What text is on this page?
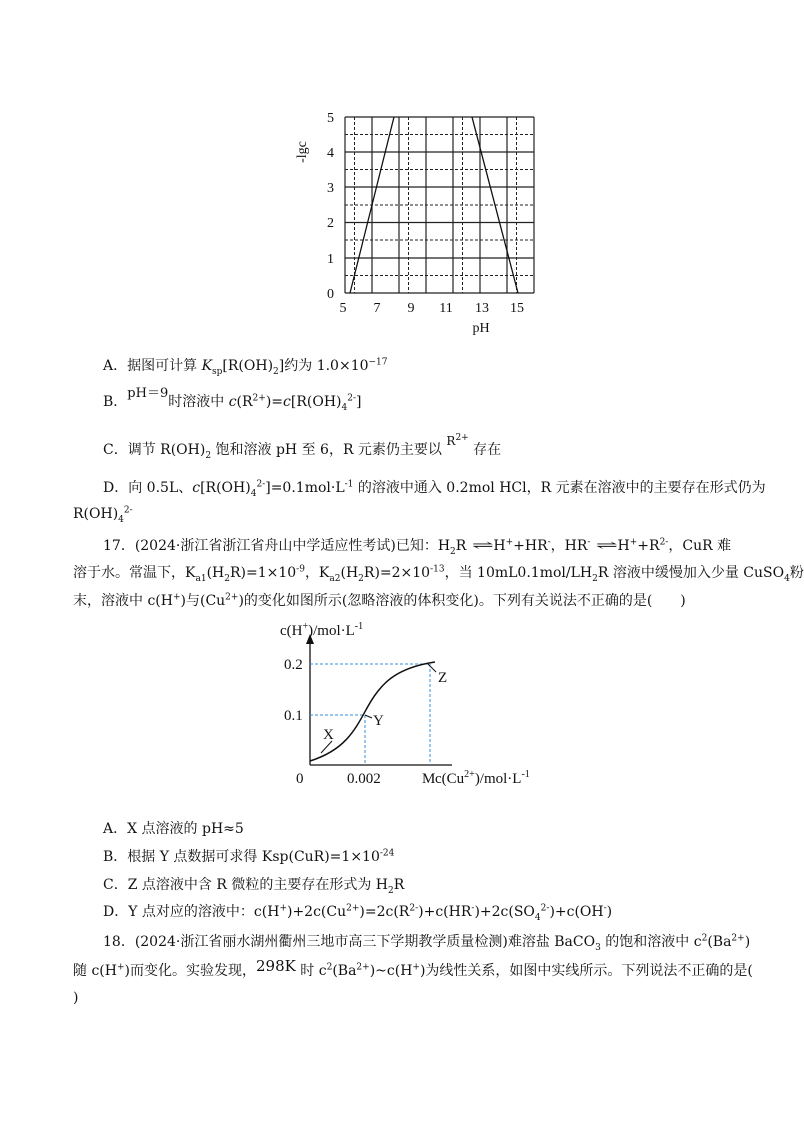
5
4
3
2
1
0
5 7 9 11 13 15
-lgc
pH
A．据图可计算 $K_{sp}[R(OH)_2]$约为 $1.0\times 10^{-17}$
B．pH＝9时溶液中 $c(R^{2+})=c[R(OH)_4^{2-}]$
C．调节 $R(OH)_2$ 饱和溶液 pH 至 6，R 元素仍主要以 $R^{2+}$ 存在
D．向 0.5L、$c[R(OH)_4^{2-}]=0.1mol\cdot L^{-1}$ 的溶液中通入 0.2mol HCl，R 元素在溶液中的主要存在形式仍为
$R(OH)_4^{2-}$
17．(2024·浙江省浙江省舟山中学适应性考试)已知：$H_2R$ ⇌ H++HR-，HR- ⇌ $H^++R^{2-}$，CuR 难
溶于水。常温下，$K_{a1}(H_2R)=1\times 10^{-9}$，$K_{a2}(H_2R)=2\times 10^{-13}$，当 $10mL0.1mol/LH_2R$ 溶液中缓慢加入少量 CuSO$_4$粉
末，溶液中 c(H+)与$(Cu^{2+})$的变化如图所示(忽略溶液的体积变化)。下列有关说法不正确的是(　　)
$c(H^+)/mol\cdot L^{-1}$
0.2
0.1
0	0.002	M $c(Cu^{2+})/mol\cdot L^{-1}$
X
Y
Z
A．X 点溶液的 pH≈5
B．根据 Y 点数据可求得 $Ksp(CuR)=1\times 10^{-24}$
C．Z 点溶液中含 R 微粒的主要存在形式为 $H_2R$
D．Y 点对应的溶液中：$c(H^+)+2c(Cu^{2+})=2c(R^{2-})+c(HR^-)+2c(SO_4^{2-})+c(OH^-)$
18．(2024·浙江省丽水湖州衢州三地市高三下学期教学质量检测)难溶盐 BaCO$_3$ 的饱和溶液中 $c^2(Ba^{2+})$
随 c(H+)而变化。实验发现，298K 时 $c^2(Ba^{2+})\sim c(H^+)$为线性关系，如图中实线所示。下列说法不正确的是(
)
